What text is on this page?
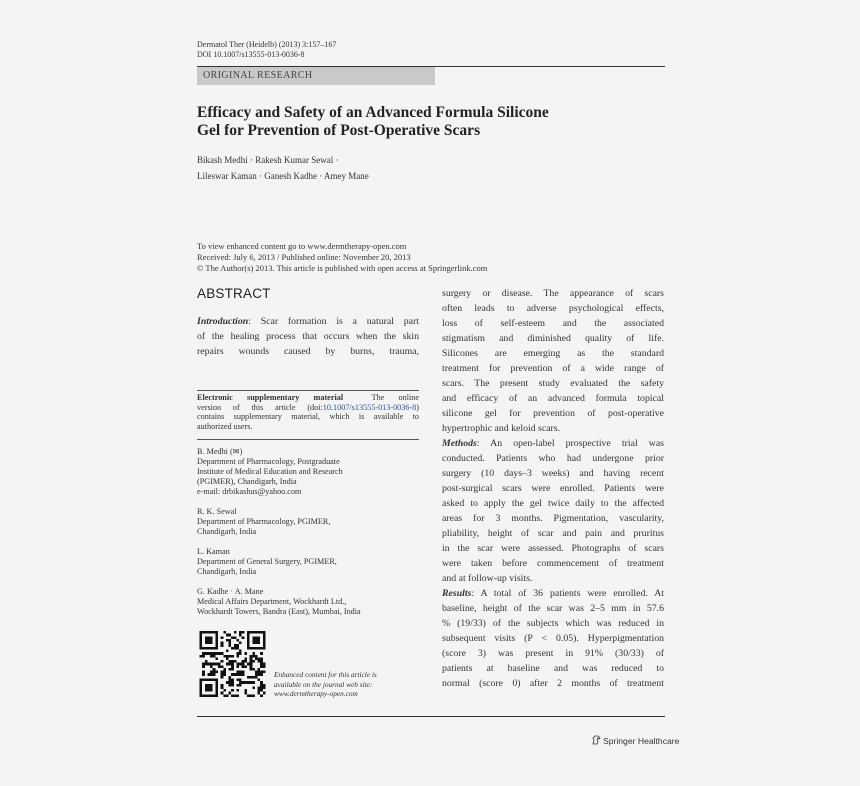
Dermatol Ther (Heidelb) (2013) 3:157–167
DOI 10.1007/s13555-013-0036-8
ORIGINAL RESEARCH
Efficacy and Safety of an Advanced Formula Silicone
Gel for Prevention of Post-Operative Scars
Bikash Medhi · Rakesh Kumar Sewal ·
Lileswar Kaman · Ganesh Kadhe · Amey Mane
To view enhanced content go to www.dermtherapy-open.com
Received: July 6, 2013 / Published online: November 20, 2013
© The Author(s) 2013. This article is published with open access at Springerlink.com
ABSTRACT
Introduction: Scar formation is a natural part
of the healing process that occurs when the skin
repairs wounds caused by burns, trauma,
Electronic supplementary material	The online
version of this article (doi:10.1007/s13555-013-0036-8)
contains supplementary material, which is available to
authorized users.
B. Medhi (✉)
Department of Pharmacology, Postgraduate
Institute of Medical Education and Research
(PGIMER), Chandigarh, India
e-mail: drbikashus@yahoo.com
R. K. Sewal
Department of Pharmacology, PGIMER,
Chandigarh, India
L. Kaman
Department of General Surgery, PGIMER,
Chandigarh, India
G. Kadhe · A. Mane
Medical Affairs Department, Wockhardt Ltd.,
Wockhardt Towers, Bandra (East), Mumbai, India
Enhanced content for this article is
available on the journal web site:
www.dermtherapy-open.com
surgery or disease. The appearance of scars
often leads to adverse psychological effects,
loss of self-esteem and the associated
stigmatism and diminished quality of life.
Silicones are emerging as the standard
treatment for prevention of a wide range of
scars. The present study evaluated the safety
and efficacy of an advanced formula topical
silicone gel for prevention of post-operative
hypertrophic and keloid scars.
Methods: An open-label prospective trial was
conducted. Patients who had undergone prior
surgery (10 days–3 weeks) and having recent
post-surgical scars were enrolled. Patients were
asked to apply the gel twice daily to the affected
areas for 3 months. Pigmentation, vascularity,
pliability, height of scar and pain and pruritus
in the scar were assessed. Photographs of scars
were taken before commencement of treatment
and at follow-up visits.
Results: A total of 36 patients were enrolled. At
baseline, height of the scar was 2–5 mm in 57.6
% (19/33) of the subjects which was reduced in
subsequent visits (P < 0.05). Hyperpigmentation
(score 3) was present in 91% (30/33) of
patients at baseline and was reduced to
normal (score 0) after 2 months of treatment
Springer Healthcare
